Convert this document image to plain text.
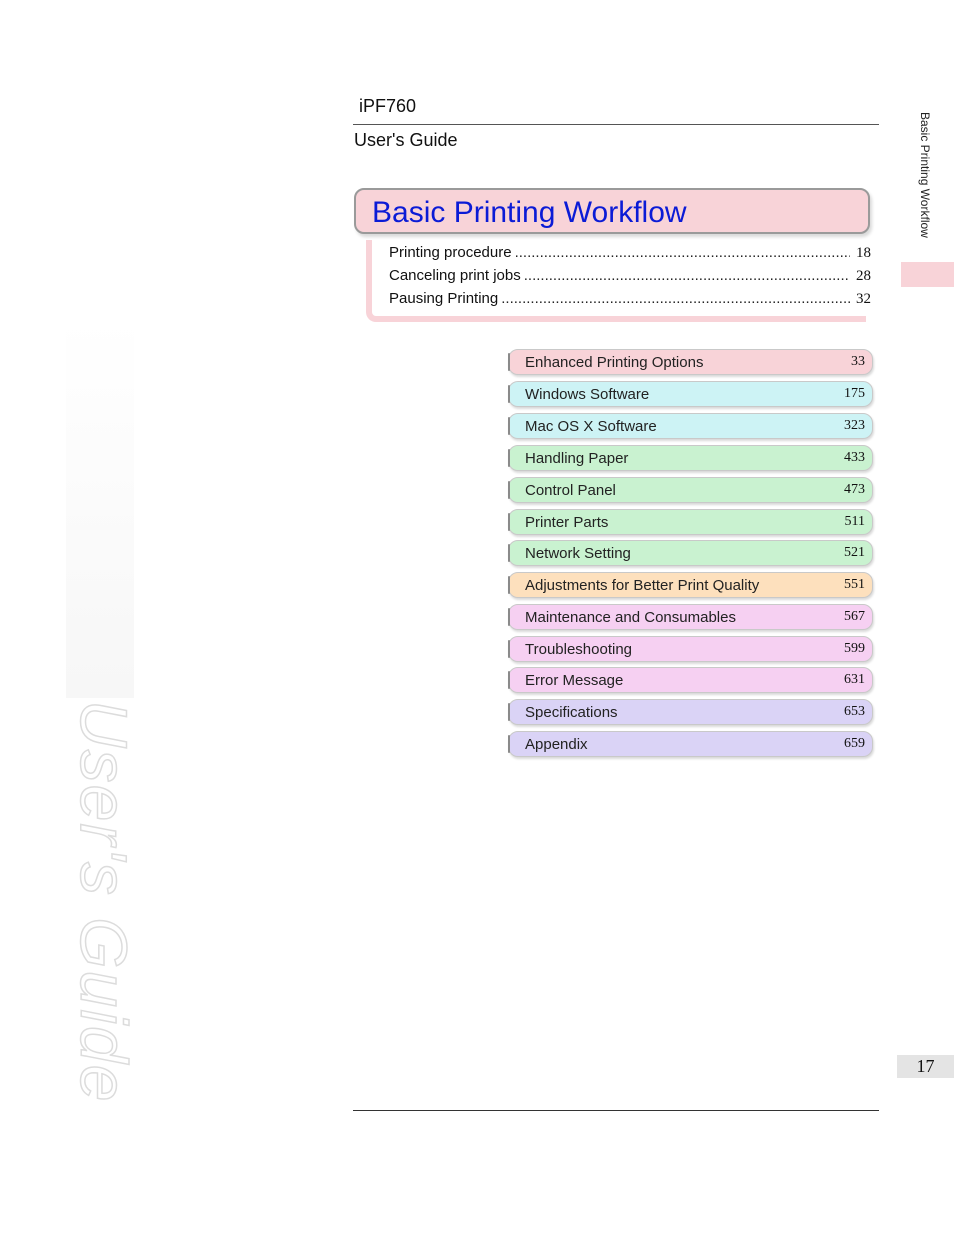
iPF760
User's Guide
Basic Printing Workflow
Printing procedure .....	18
Canceling print jobs .....	28
Pausing Printing .....	32
Enhanced Printing Options	33
Windows Software	175
Mac OS X Software	323
Handling Paper	433
Control Panel	473
Printer Parts	511
Network Setting	521
Adjustments for Better Print Quality	551
Maintenance and Consumables	567
Troubleshooting	599
Error Message	631
Specifications	653
Appendix	659
User's Guide
Basic Printing Workflow
17
